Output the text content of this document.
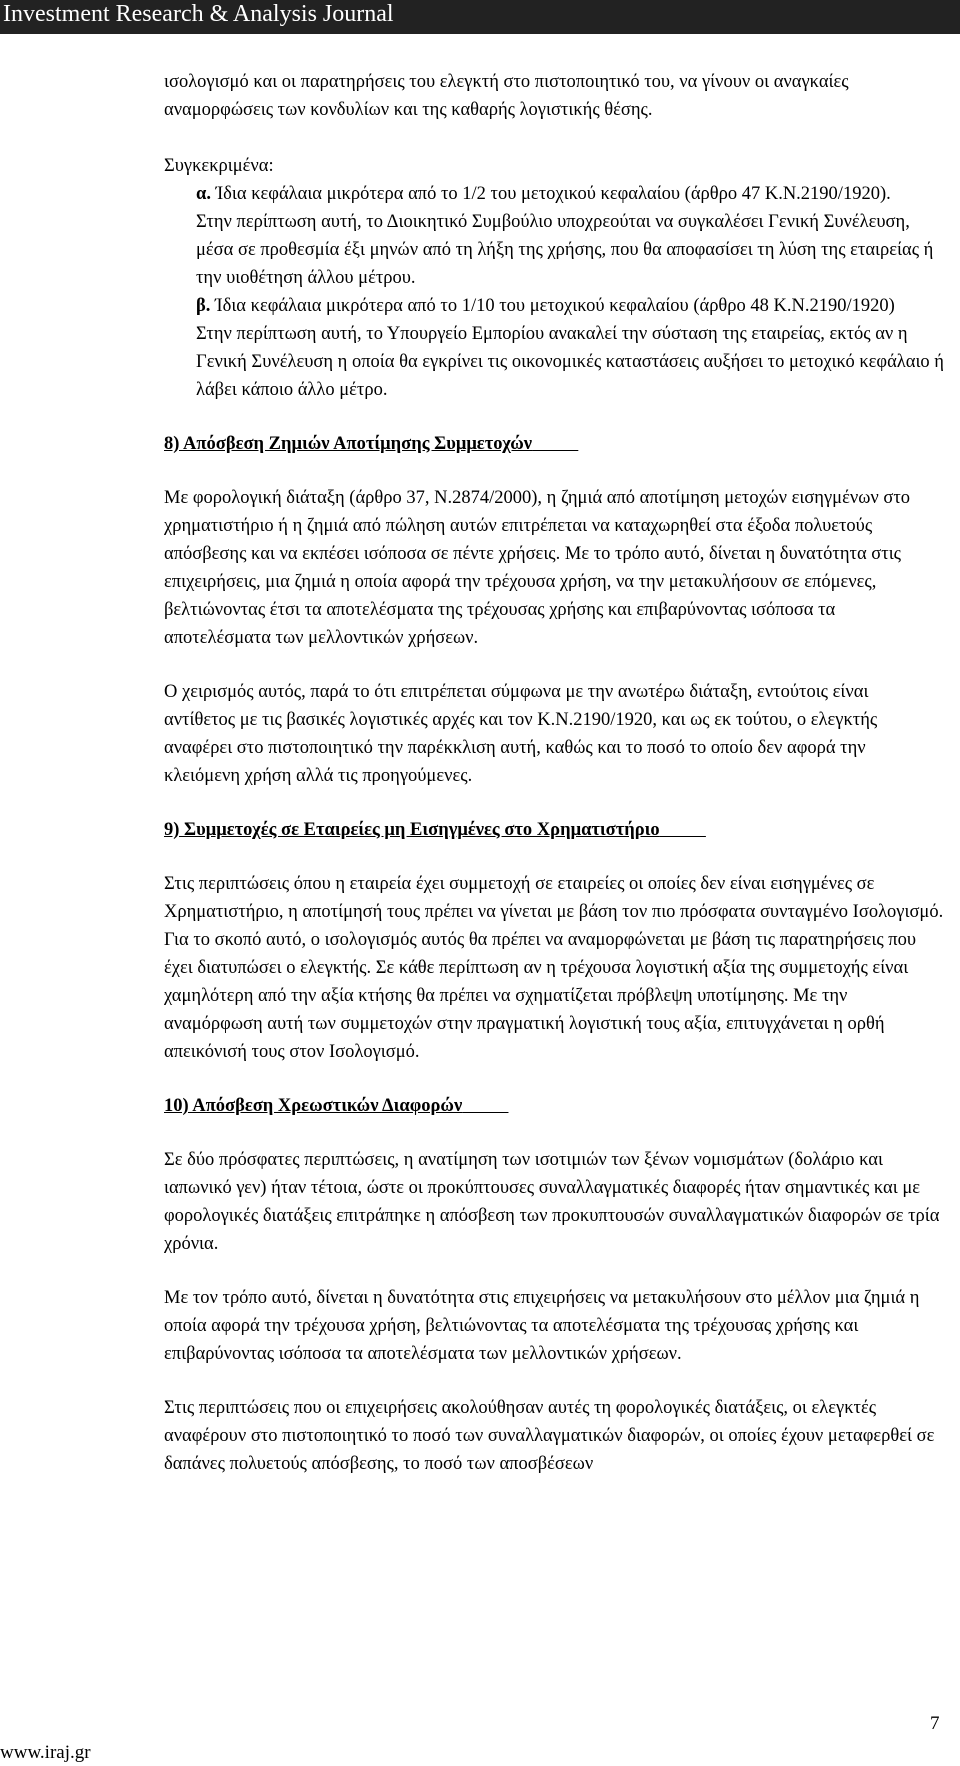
Investment Research & Analysis Journal

ισολογισμό και οι παρατηρήσεις του ελεγκτή στο πιστοποιητικό του, να γίνουν οι αναγκαίες αναμορφώσεις των κονδυλίων και της καθαρής λογιστικής θέσης.

Συγκεκριμένα:

α. Ίδια κεφάλαια μικρότερα από το 1/2 του μετοχικού κεφαλαίου (άρθρο 47 Κ.Ν.2190/1920).

Στην περίπτωση αυτή, το Διοικητικό Συμβούλιο υποχρεούται να συγκαλέσει Γενική Συνέλευση, μέσα σε προθεσμία έξι μηνών από τη λήξη της χρήσης, που θα αποφασίσει τη λύση της εταιρείας ή την υιοθέτηση άλλου μέτρου.

β. Ίδια κεφάλαια μικρότερα από το 1/10 του μετοχικού κεφαλαίου (άρθρο 48 Κ.Ν.2190/1920)

Στην περίπτωση αυτή, το Υπουργείο Εμπορίου ανακαλεί την σύσταση της εταιρείας, εκτός αν η Γενική Συνέλευση η οποία θα εγκρίνει τις οικονομικές καταστάσεις αυξήσει το μετοχικό κεφάλαιο ή λάβει κάποιο άλλο μέτρο.

8) Απόσβεση Ζημιών Αποτίμησης Συμμετοχών

Με φορολογική διάταξη (άρθρο 37, Ν.2874/2000), η ζημιά από αποτίμηση μετοχών εισηγμένων στο χρηματιστήριο ή η ζημιά από πώληση αυτών επιτρέπεται να καταχωρηθεί στα έξοδα πολυετούς απόσβεσης και να εκπέσει ισόποσα σε πέντε χρήσεις. Με το τρόπο αυτό, δίνεται η δυνατότητα στις επιχειρήσεις, μια ζημιά η οποία αφορά την τρέχουσα χρήση, να την μετακυλήσουν σε επόμενες, βελτιώνοντας έτσι τα αποτελέσματα της τρέχουσας χρήσης και επιβαρύνοντας ισόποσα τα αποτελέσματα των μελλοντικών χρήσεων.

Ο χειρισμός αυτός, παρά το ότι επιτρέπεται σύμφωνα με την ανωτέρω διάταξη, εντούτοις είναι αντίθετος με τις βασικές λογιστικές αρχές και τον Κ.Ν.2190/1920, και ως εκ τούτου, ο ελεγκτής αναφέρει στο πιστοποιητικό την παρέκκλιση αυτή, καθώς και το ποσό το οποίο δεν αφορά την κλειόμενη χρήση αλλά τις προηγούμενες.

9) Συμμετοχές σε Εταιρείες μη Εισηγμένες στο Χρηματιστήριο

Στις περιπτώσεις όπου η εταιρεία έχει συμμετοχή σε εταιρείες οι οποίες δεν είναι εισηγμένες σε Χρηματιστήριο, η αποτίμησή τους πρέπει να γίνεται με βάση τον πιο πρόσφατα συνταγμένο Ισολογισμό. Για το σκοπό αυτό, ο ισολογισμός αυτός θα πρέπει να αναμορφώνεται με βάση τις παρατηρήσεις που έχει διατυπώσει ο ελεγκτής. Σε κάθε περίπτωση αν η τρέχουσα λογιστική αξία της συμμετοχής είναι χαμηλότερη από την αξία κτήσης θα πρέπει να σχηματίζεται πρόβλεψη υποτίμησης. Με την αναμόρφωση αυτή των συμμετοχών στην πραγματική λογιστική τους αξία, επιτυγχάνεται η ορθή απεικόνισή τους στον Ισολογισμό.

10) Απόσβεση Χρεωστικών Διαφορών

Σε δύο πρόσφατες περιπτώσεις, η ανατίμηση των ισοτιμιών των ξένων νομισμάτων (δολάριο και ιαπωνικό γεν) ήταν τέτοια, ώστε οι προκύπτουσες συναλλαγματικές διαφορές ήταν σημαντικές και με φορολογικές διατάξεις επιτράπηκε η απόσβεση των προκυπτουσών συναλλαγματικών διαφορών σε τρία χρόνια.

Με τον τρόπο αυτό, δίνεται η δυνατότητα στις επιχειρήσεις να μετακυλήσουν στο μέλλον μια ζημιά η οποία αφορά την τρέχουσα χρήση, βελτιώνοντας τα αποτελέσματα της τρέχουσας χρήσης και επιβαρύνοντας ισόποσα τα αποτελέσματα των μελλοντικών χρήσεων.

Στις περιπτώσεις που οι επιχειρήσεις ακολούθησαν αυτές τη φορολογικές διατάξεις, οι ελεγκτές αναφέρουν στο πιστοποιητικό το ποσό των συναλλαγματικών διαφορών, οι οποίες έχουν μεταφερθεί σε δαπάνες πολυετούς απόσβεσης, το ποσό των αποσβέσεων

7
www.iraj.gr
